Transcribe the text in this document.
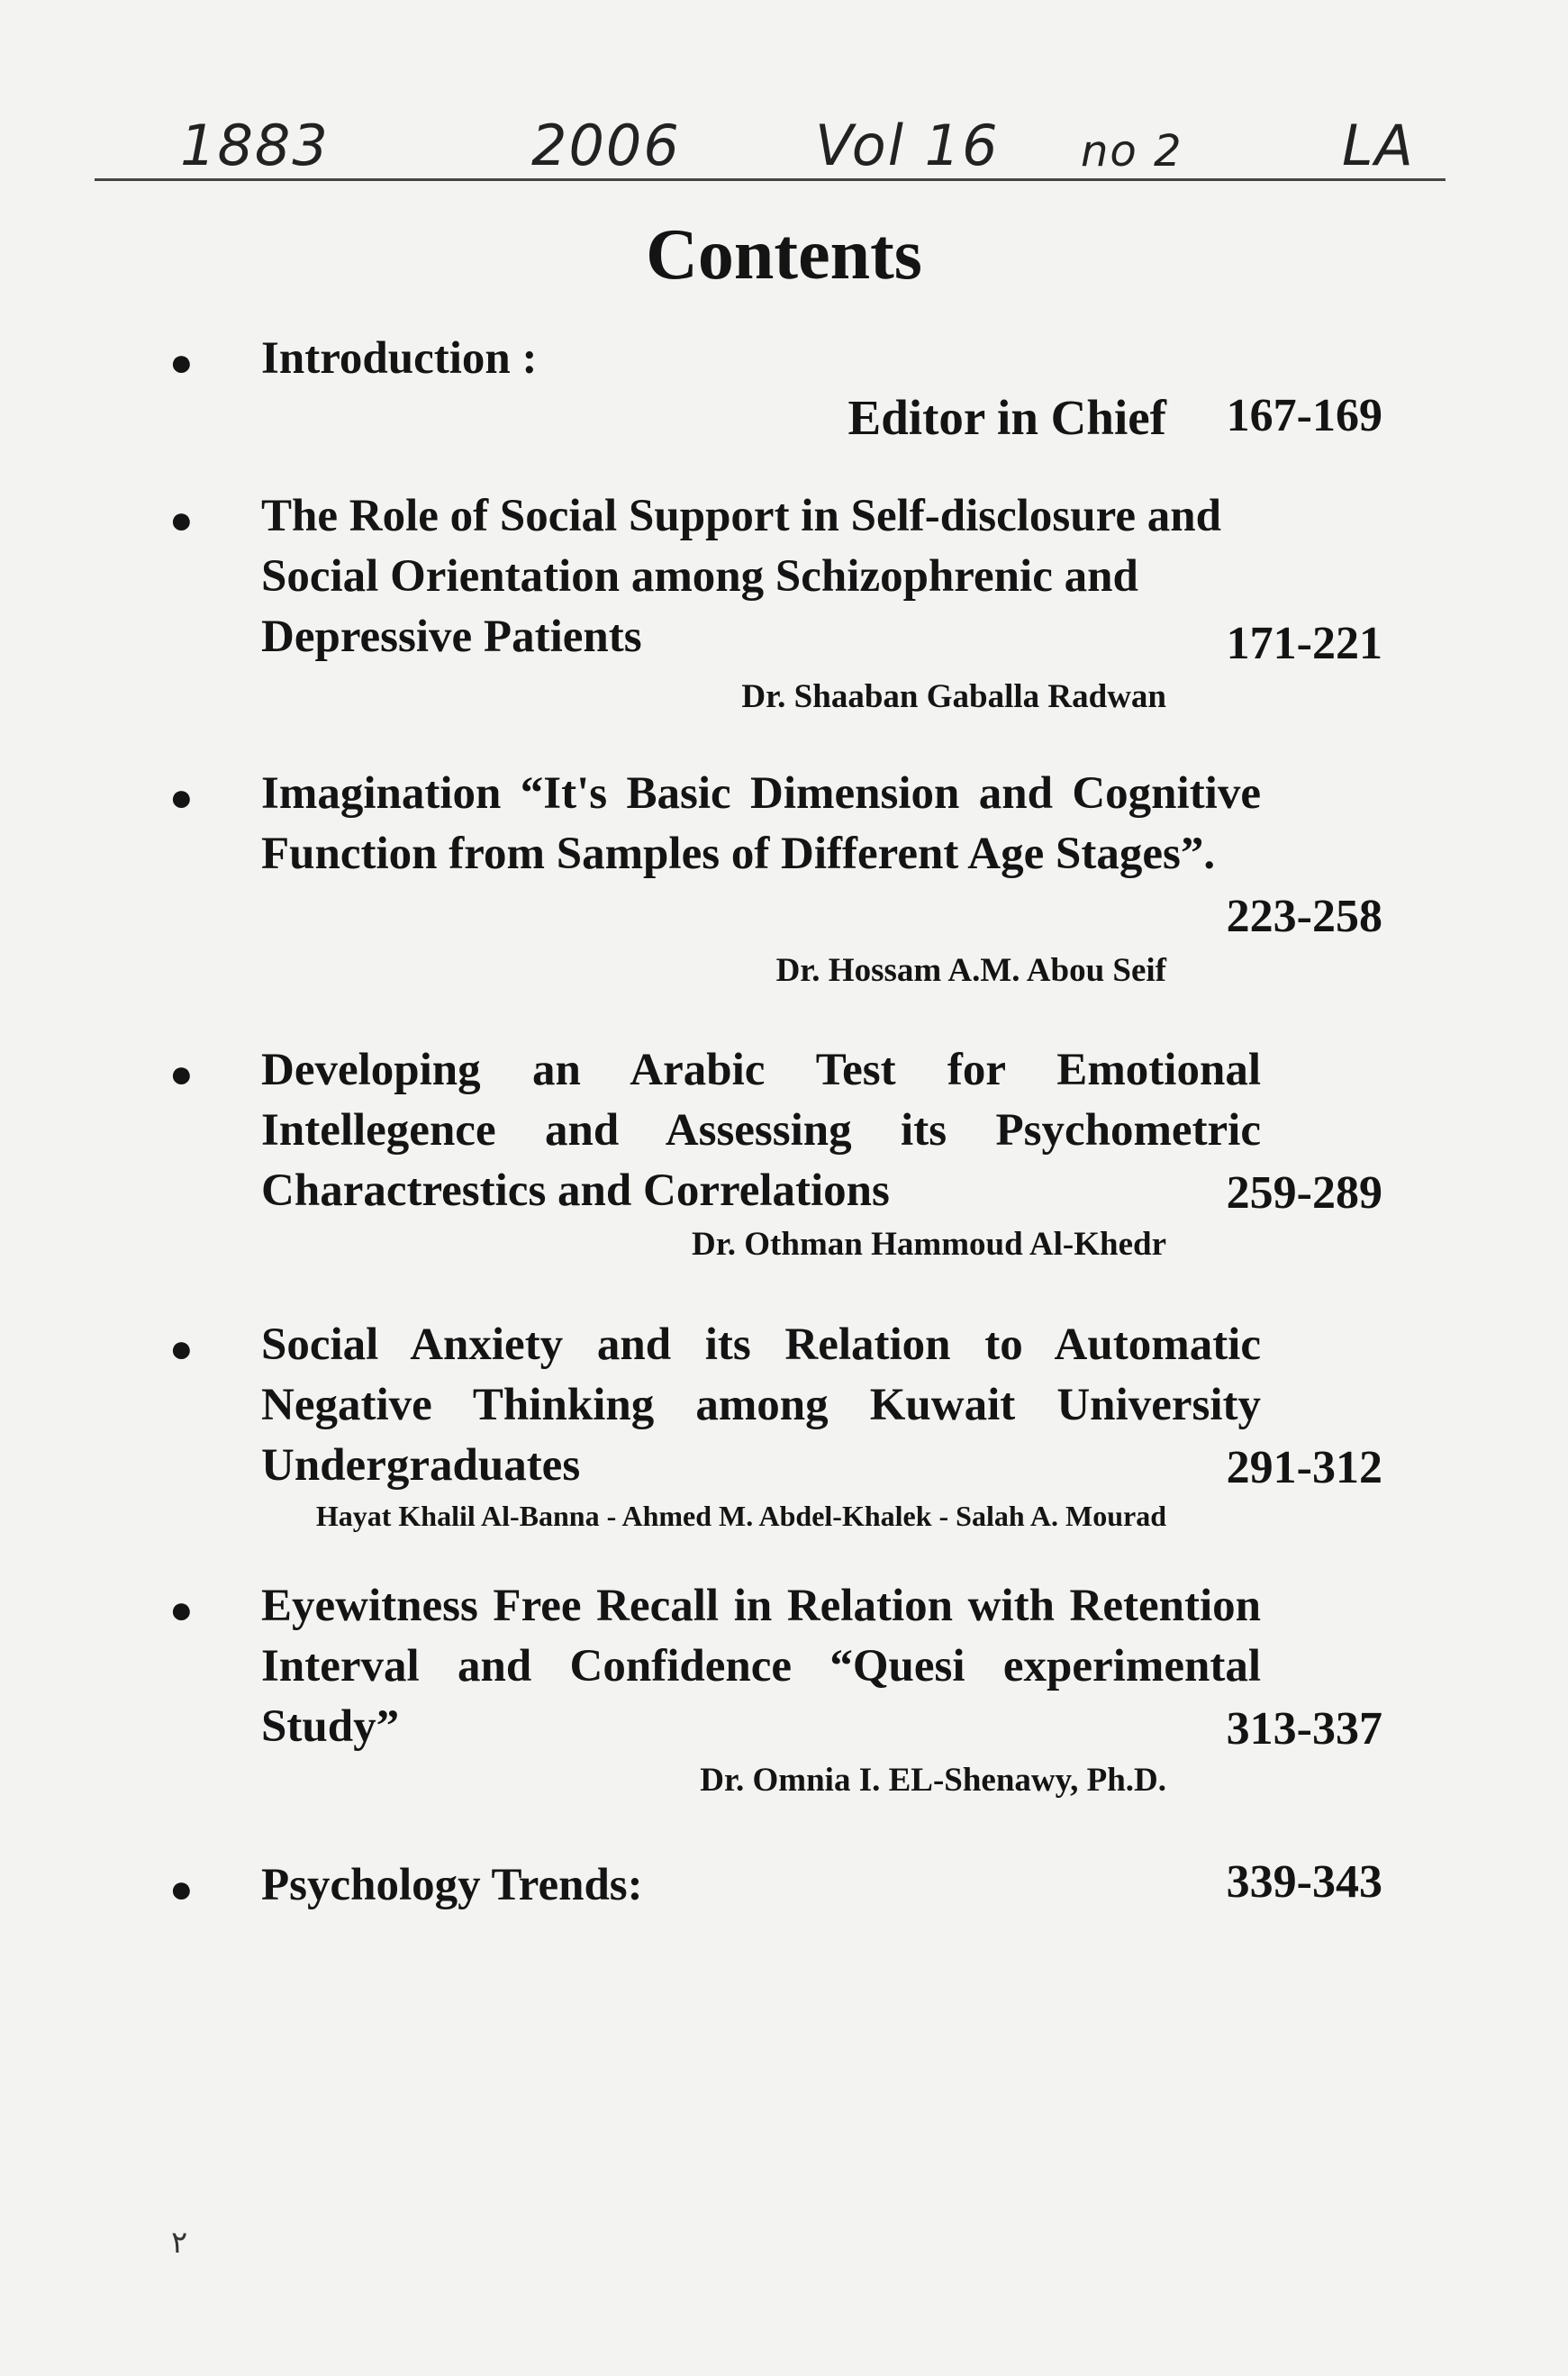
1883	2006 Vol 16 no 2	LA
Contents
● Introduction :
Editor in Chief 167-169
● The Role of Social Support in Self-disclosure and Social Orientation among Schizophrenic and Depressive Patients	171-221
Dr. Shaaban Gaballa Radwan
● Imagination “It's Basic Dimension and Cognitive Function from Samples of Different Age Stages”.
223-258
Dr. Hossam A.M. Abou Seif
● Developing an Arabic Test for Emotional Intellegence and Assessing its Psychometric Charactrestics and Correlations	259-289
Dr. Othman Hammoud Al-Khedr
● Social Anxiety and its Relation to Automatic Negative Thinking among Kuwait University Undergraduates	291-312
Hayat Khalil Al-Banna - Ahmed M. Abdel-Khalek - Salah A. Mourad
● Eyewitness Free Recall in Relation with Retention Interval and Confidence “Quesi experimental Study”	313-337
Dr. Omnia I. EL-Shenawy, Ph.D.
● Psychology Trends:	339-343
٢
